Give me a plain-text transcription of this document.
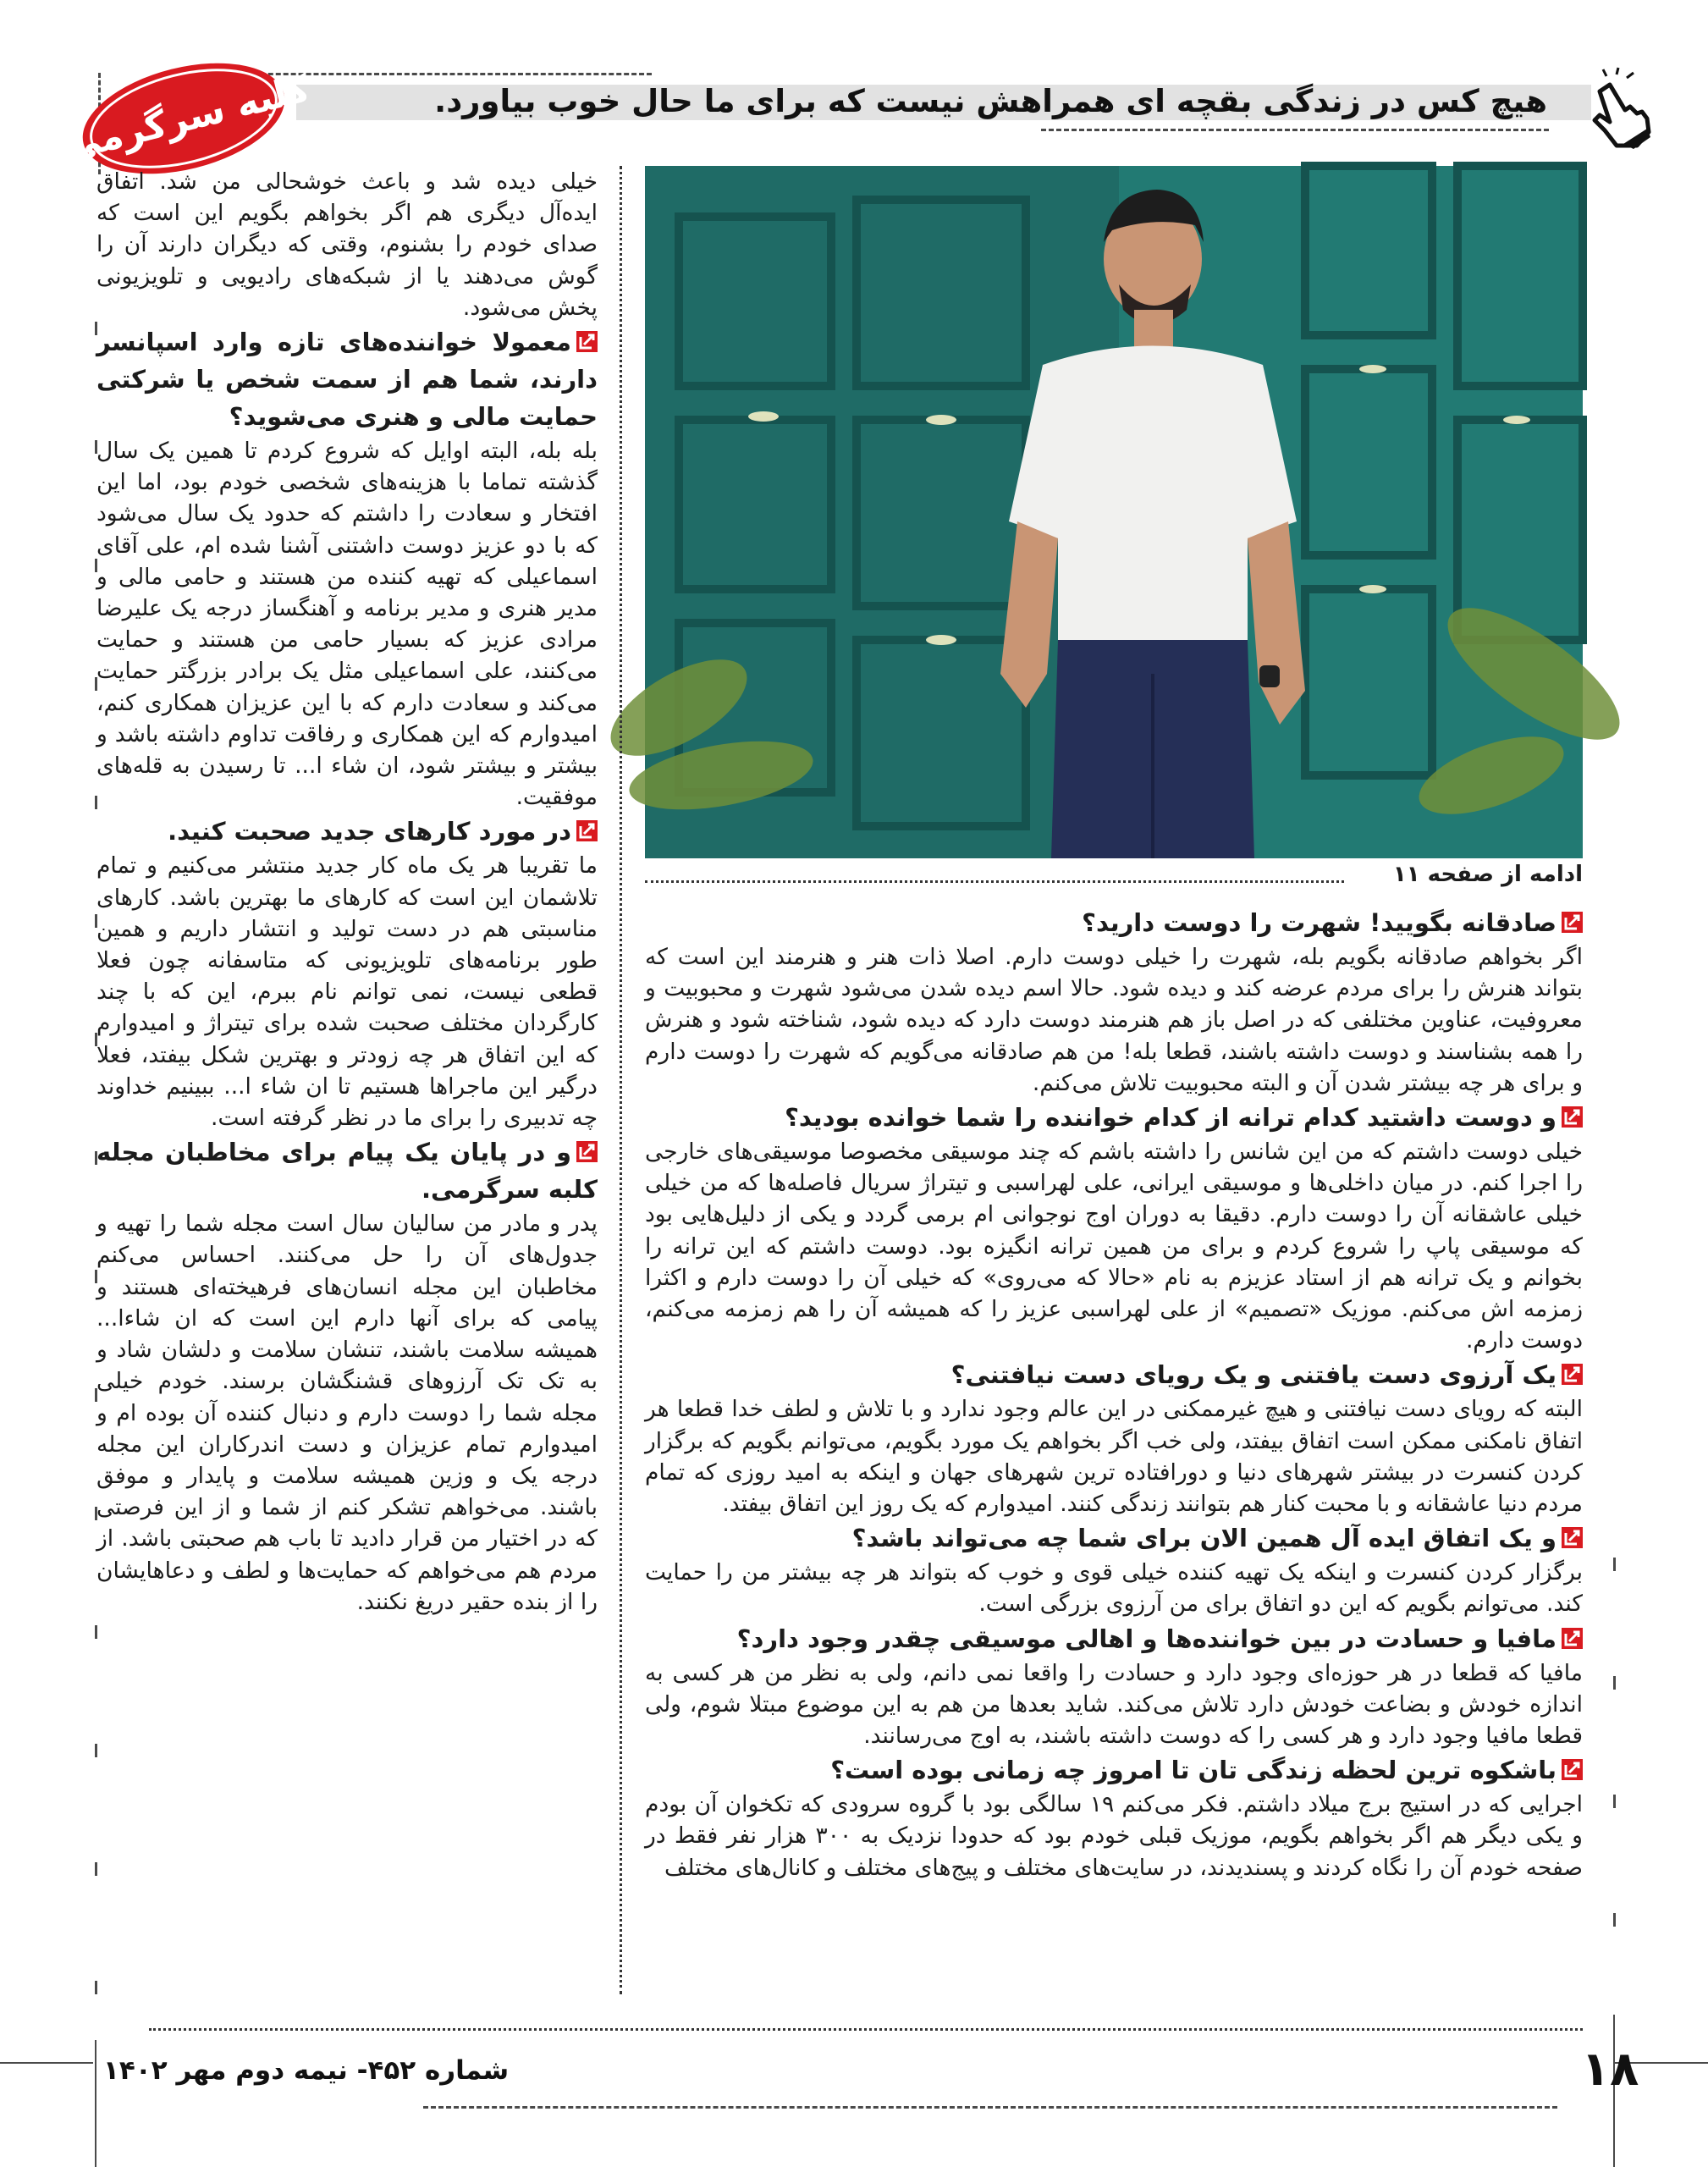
هیچ کس در زندگی بقچه ای همراهش نیست که برای ما حال خوب بیاورد.
کلبه سرگرمی
ادامه از صفحه ۱۱

صادقانه بگویید! شهرت را دوست دارید؟

اگر بخواهم صادقانه بگویم بله، شهرت را خیلی دوست دارم. اصلا ذات هنر و هنرمند این است که بتواند هنرش را برای مردم عرضه کند و دیده شود. حالا اسم دیده شدن می‌شود شهرت و محبوبیت و معروفیت، عناوین مختلفی که در اصل باز هم هنرمند دوست دارد که دیده شود، شناخته شود و هنرش را همه بشناسند و دوست داشته باشند، قطعا بله! من هم صادقانه می‌گویم که شهرت را دوست دارم و برای هر چه بیشتر شدن آن و البته محبوبیت تلاش می‌کنم.

و دوست داشتید کدام ترانه از کدام خواننده را شما خوانده بودید؟

خیلی دوست داشتم که من این شانس را داشته باشم که چند موسیقی مخصوصا موسیقی‌های خارجی را اجرا کنم. در میان داخلی‌ها و موسیقی ایرانی، علی لهراسبی و تیتراژ سریال فاصله‌ها که من خیلی خیلی عاشقانه آن را دوست دارم. دقیقا به دوران اوج نوجوانی ام برمی گردد و یکی از دلیل‌هایی بود که موسیقی پاپ را شروع کردم و برای من همین ترانه انگیزه بود. دوست داشتم که این ترانه را بخوانم و یک ترانه هم از استاد عزیزم به نام «حالا که می‌روی» که خیلی آن را دوست دارم و اکثرا زمزمه اش می‌کنم. موزیک «تصمیم» از علی لهراسبی عزیز را که همیشه آن را هم زمزمه می‌کنم، دوست دارم.

یک آرزوی دست یافتنی و یک رویای دست نیافتنی؟

البته که رویای دست نیافتنی و هیچ غیرممکنی در این عالم وجود ندارد و با تلاش و لطف خدا قطعا هر اتفاق نامکنی ممکن است اتفاق بیفتد، ولی خب اگر بخواهم یک مورد بگویم، می‌توانم بگویم که برگزار کردن کنسرت در بیشتر شهرهای دنیا و دورافتاده ترین شهرهای جهان و اینکه به امید روزی که تمام مردم دنیا عاشقانه و با محبت کنار هم بتوانند زندگی کنند. امیدوارم که یک روز این اتفاق بیفتد.

و یک اتفاق ایده آل همین الان برای شما چه می‌تواند باشد؟

برگزار کردن کنسرت و اینکه یک تهیه کننده خیلی قوی و خوب که بتواند هر چه بیشتر من را حمایت کند. می‌توانم بگویم که این دو اتفاق برای من آرزوی بزرگی است.

مافیا و حسادت در بین خواننده‌ها و اهالی موسیقی چقدر وجود دارد؟

مافیا که قطعا در هر حوزه‌ای وجود دارد و حسادت را واقعا نمی دانم، ولی به نظر من هر کسی به اندازه خودش و بضاعت خودش دارد تلاش می‌کند. شاید بعدها من هم به این موضوع مبتلا شوم، ولی قطعا مافیا وجود دارد و هر کسی را که دوست داشته باشند، به اوج می‌رسانند.

باشکوه ترین لحظه زندگی تان تا امروز چه زمانی بوده است؟

اجرایی که در استیج برج میلاد داشتم. فکر می‌کنم ۱۹ سالگی بود با گروه سرودی که تکخوان آن بودم و یکی دیگر هم اگر بخواهم بگویم، موزیک قبلی خودم بود که حدودا نزدیک به ۳۰۰ هزار نفر فقط در صفحه خودم آن را نگاه کردند و پسندیدند، در سایت‌های مختلف و پیج‌های مختلف و کانال‌های مختلف

خیلی دیده شد و باعث خوشحالی من شد. اتفاق ایده‌آل دیگری هم اگر بخواهم بگویم این است که صدای خودم را بشنوم، وقتی که دیگران دارند آن را گوش می‌دهند یا از شبکه‌های رادیویی و تلویزیونی پخش می‌شود.

معمولا خواننده‌های تازه وارد اسپانسر دارند، شما هم از سمت شخص یا شرکتی حمایت مالی و هنری می‌شوید؟

بله بله، البته اوایل که شروع کردم تا همین یک سال گذشته تماما با هزینه‌های شخصی خودم بود، اما این افتخار و سعادت را داشتم که حدود یک سال می‌شود که با دو عزیز دوست داشتنی آشنا شده ام، علی آقای اسماعیلی که تهیه کننده من هستند و حامی مالی و مدیر هنری و مدیر برنامه و آهنگساز درجه یک علیرضا مرادی عزیز که بسیار حامی من هستند و حمایت می‌کنند، علی اسماعیلی مثل یک برادر بزرگتر حمایت می‌کند و سعادت دارم که با این عزیزان همکاری کنم، امیدوارم که این همکاری و رفاقت تداوم داشته باشد و بیشتر و بیشتر شود، ان شاء ا... تا رسیدن به قله‌های موفقیت.

در مورد کارهای جدید صحبت کنید.

ما تقریبا هر یک ماه کار جدید منتشر می‌کنیم و تمام تلاشمان این است که کارهای ما بهترین باشد. کارهای مناسبتی هم در دست تولید و انتشار داریم و همین طور برنامه‌های تلویزیونی که متاسفانه چون فعلا قطعی نیست، نمی توانم نام ببرم، این که با چند کارگردان مختلف صحبت شده برای تیتراژ و امیدوارم که این اتفاق هر چه زودتر و بهترین شکل بیفتد، فعلا درگیر این ماجراها هستیم تا ان شاء ا... ببینیم خداوند چه تدبیری را برای ما در نظر گرفته است.

و در پایان یک پیام برای مخاطبان مجله کلبه سرگرمی.

پدر و مادر من سالیان سال است مجله شما را تهیه و جدول‌های آن را حل می‌کنند. احساس می‌کنم مخاطبان این مجله انسان‌های فرهیخته‌ای هستند و پیامی که برای آنها دارم این است که ان شاءا... همیشه سلامت باشند، تنشان سلامت و دلشان شاد و به تک تک آرزوهای قشنگشان برسند. خودم خیلی مجله شما را دوست دارم و دنبال کننده آن بوده ام و امیدوارم تمام عزیزان و دست اندرکاران این مجله درجه یک و وزین همیشه سلامت و پایدار و موفق باشند. می‌خواهم تشکر کنم از شما و از این فرصتی که در اختیار من قرار دادید تا باب هم صحبتی باشد. از مردم هم می‌خواهم که حمایت‌ها و لطف و دعاهایشان را از بنده حقیر دریغ نکنند.

۱۸
شماره ۴۵۲- نیمه دوم مهر ۱۴۰۲
